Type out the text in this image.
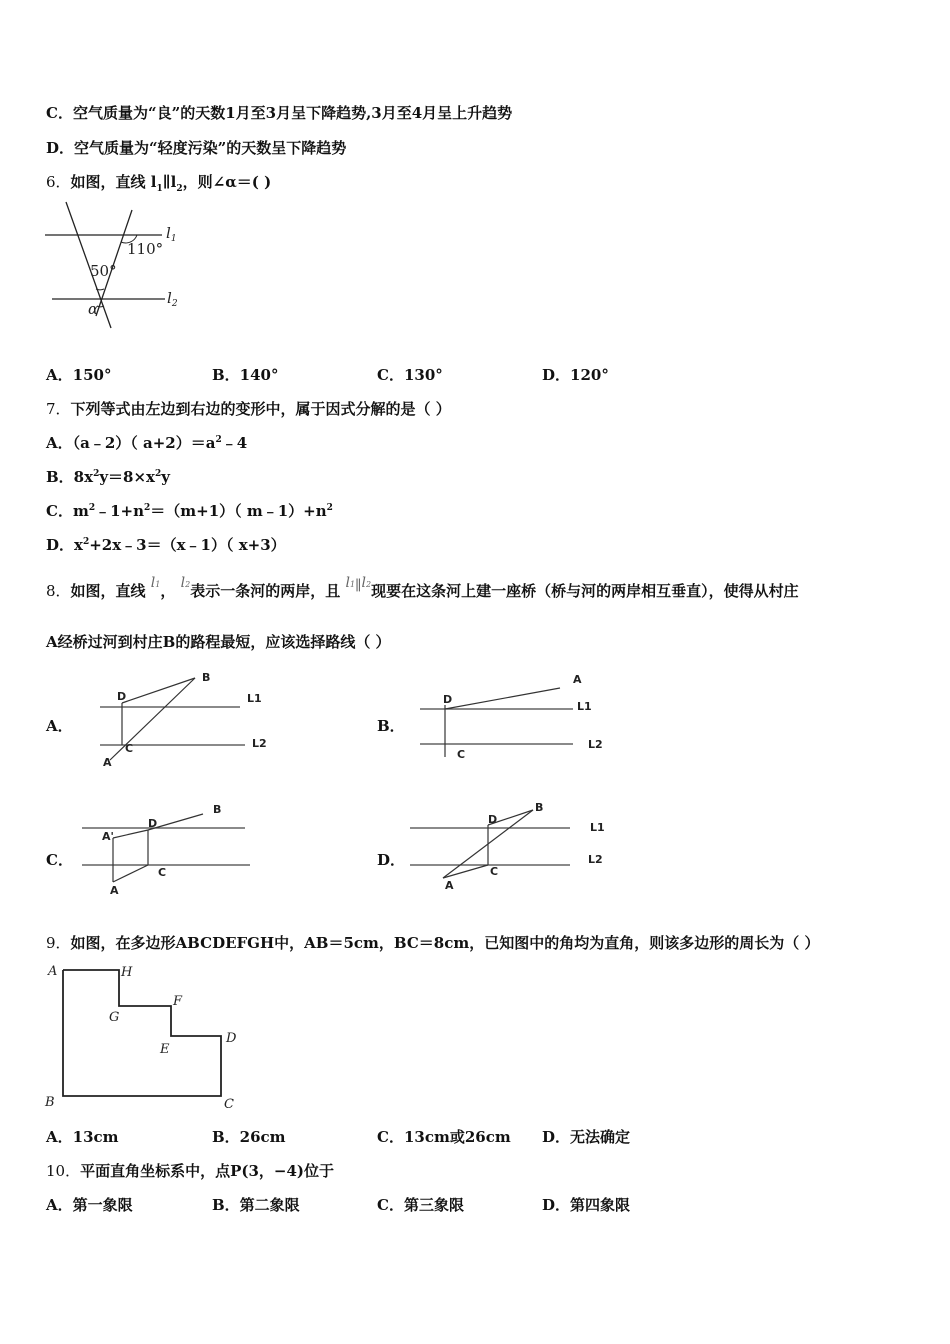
C．空气质量为“良”的天数1月至3月呈下降趋势,3月至4月呈上升趋势
D．空气质量为“轻度污染”的天数呈下降趋势
6．如图，直线 $l_1\parallel l_2$，则∠α＝( )
$l_1$
$l_2$
110°
50°
α
A．150°	B．140°	C．130°	D．120°
7．下列等式由左边到右边的变形中，属于因式分解的是（ ）
A．（a﹣2）（ $a+2)=a^2﹣4$
B．$8x^2y=8\times x^2y$
C．$m^2﹣1+n^2=(m+1)$（ $m﹣1)+n^2$
D．$x^2+2x﹣3=(x﹣1)$（ x+3）
8．如图，直线 l1， l2表示一条河的两岸，且 l1∥l2现要在这条河上建一座桥（桥与河的两岸相互垂直），使得从村庄
A经桥过河到村庄B的路程最短，应该选择路线（ ）
A．
D
B
C
A
L1
L2
B．
D
A
C
L1
L2
C．
D
B
A'
C
A
D．
D
B
C
A
L1
L2
9．如图，在多边形ABCDEFGH中，AB＝5cm，BC＝8cm，已知图中的角均为直角，则该多边形的周长为（ ）
A	H
G
F
E
D
B	C
A．13cm	B．26cm	C．13cm或26cm D．无法确定
10．平面直角坐标系中，点P(3，−4)位于
A．第一象限	B．第二象限	C．第三象限	D．第四象限
